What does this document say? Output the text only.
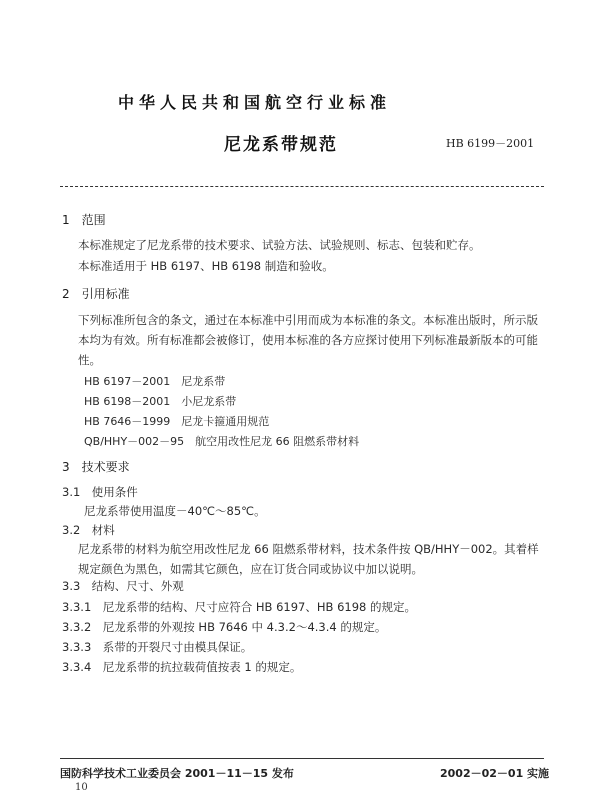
中华人民共和国航空行业标准
尼龙系带规范	HB 6199－2001
1　范围
本标准规定了尼龙系带的技术要求、试验方法、试验规则、标志、包装和贮存。
本标准适用于 HB 6197、HB 6198 制造和验收。
2　引用标准
下列标准所包含的条文，通过在本标准中引用而成为本标准的条文。本标准出版时，所示版本均为有效。所有标准都会被修订，使用本标准的各方应探讨使用下列标准最新版本的可能性。
HB 6197－2001　尼龙系带
HB 6198－2001　小尼龙系带
HB 7646－1999　尼龙卡箍通用规范
QB/HHY－002－95　航空用改性尼龙 66 阻燃系带材料
3　技术要求
3.1　使用条件
尼龙系带使用温度－40℃～85℃。
3.2　材料
尼龙系带的材料为航空用改性尼龙 66 阻燃系带材料，技术条件按 QB/HHY－002。其着样规定颜色为黑色，如需其它颜色，应在订货合同或协议中加以说明。
3.3　结构、尺寸、外观
3.3.1　尼龙系带的结构、尺寸应符合 HB 6197、HB 6198 的规定。
3.3.2　尼龙系带的外观按 HB 7646 中 4.3.2～4.3.4 的规定。
3.3.3　系带的开裂尺寸由模具保证。
3.3.4　尼龙系带的抗拉载荷值按表 1 的规定。
国防科学技术工业委员会 2001－11－15 发布	2002－02－01 实施
10
